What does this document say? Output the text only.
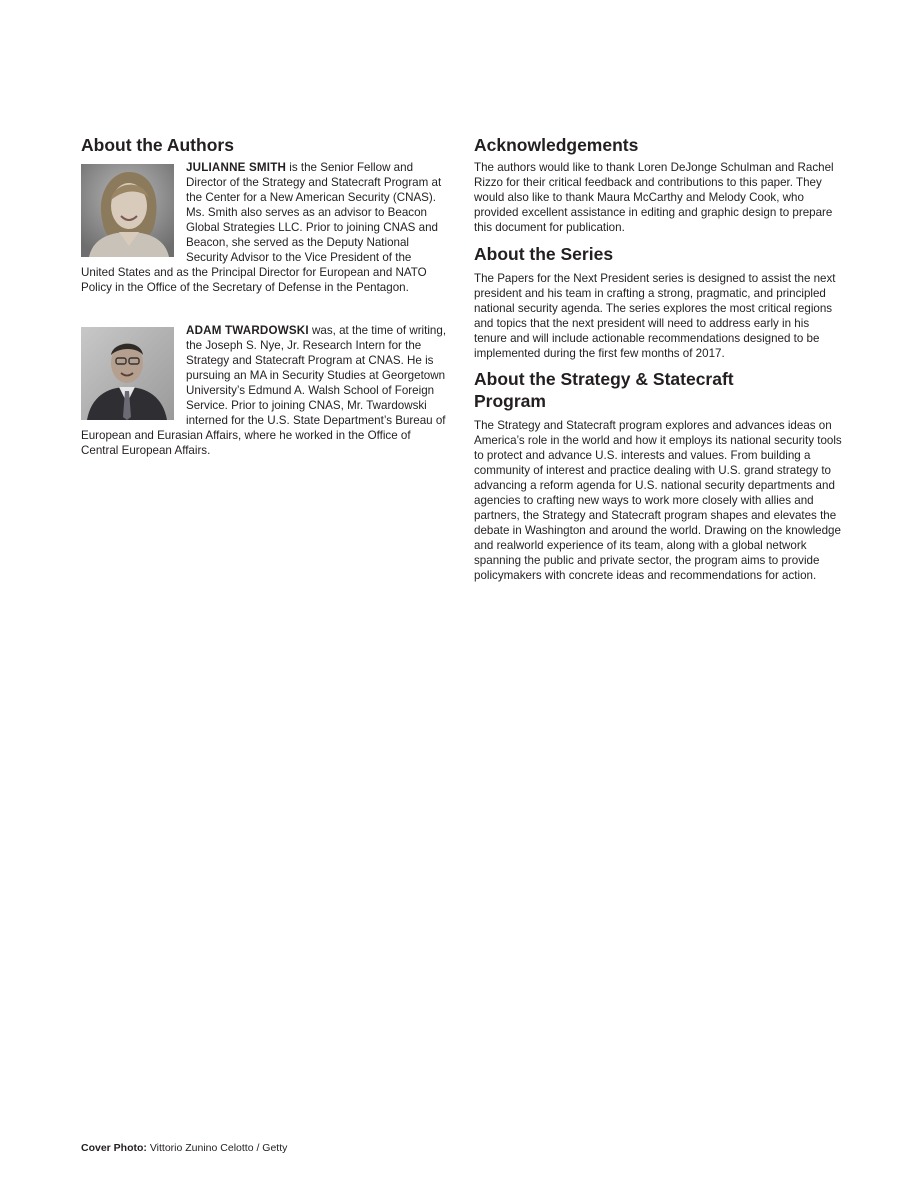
About the Authors

JULIANNE SMITH is the Senior Fellow and Director of the Strategy and Statecraft Program at the Center for a New American Security (CNAS). Ms. Smith also serves as an advisor to Beacon Global Strategies LLC. Prior to joining CNAS and Beacon, she served as the Deputy National Security Advisor to the Vice President of the United States and as the Principal Director for European and NATO Policy in the Office of the Secretary of Defense in the Pentagon.

ADAM TWARDOWSKI was, at the time of writing, the Joseph S. Nye, Jr. Research Intern for the Strategy and Statecraft Program at CNAS. He is pursuing an MA in Security Studies at Georgetown University’s Edmund A. Walsh School of Foreign Service. Prior to joining CNAS, Mr. Twardowski interned for the U.S. State Department’s Bureau of European and Eurasian Affairs, where he worked in the Office of Central European Affairs.

Acknowledgements

The authors would like to thank Loren DeJonge Schulman and Rachel Rizzo for their critical feedback and contributions to this paper. They would also like to thank Maura McCarthy and Melody Cook, who provided excellent assistance in editing and graphic design to prepare this document for publication.

About the Series

The Papers for the Next President series is designed to assist the next president and his team in crafting a strong, pragmatic, and principled national security agenda. The series explores the most critical regions and topics that the next president will need to address early in his tenure and will include actionable recommendations designed to be implemented during the first few months of 2017.

About the Strategy & Statecraft Program

The Strategy and Statecraft program explores and advances ideas on America’s role in the world and how it employs its national security tools to protect and advance U.S. interests and values. From building a community of interest and practice dealing with U.S. grand strategy to advancing a reform agenda for U.S. national security departments and agencies to crafting new ways to work more closely with allies and partners, the Strategy and Statecraft program shapes and elevates the debate in Washington and around the world. Drawing on the knowledge and realworld experience of its team, along with a global network spanning the public and private sector, the program aims to provide policymakers with concrete ideas and recommendations for action.

Cover Photo: Vittorio Zunino Celotto / Getty
